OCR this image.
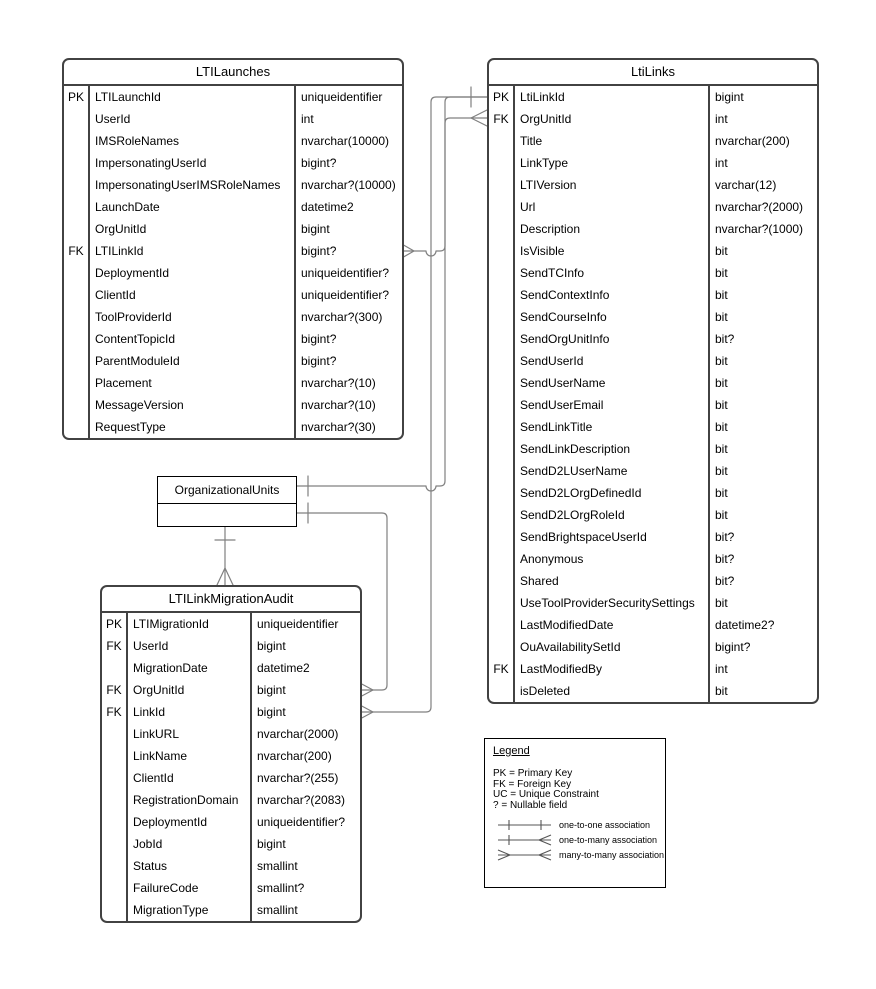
LTILaunches
PK LTILaunchId	uniqueidentifier
UserId	int
IMSRoleNames	nvarchar(10000)
ImpersonatingUserId	bigint?
ImpersonatingUserIMSRoleNames	nvarchar?(10000)
LaunchDate	datetime2
OrgUnitId	bigint
FK LTILinkId	bigint?
DeploymentId	uniqueidentifier?
ClientId	uniqueidentifier?
ToolProviderId	nvarchar?(300)
ContentTopicId	bigint?
ParentModuleId	bigint?
Placement	nvarchar?(10)
MessageVersion	nvarchar?(10)
RequestType	nvarchar?(30)
LtiLinks
PK LtiLinkId	bigint
FK OrgUnitId	int
Title	nvarchar(200)
LinkType	int
LTIVersion	varchar(12)
Url	nvarchar?(2000)
Description	nvarchar?(1000)
IsVisible	bit
SendTCInfo	bit
SendContextInfo	bit
SendCourseInfo	bit
SendOrgUnitInfo	bit?
SendUserId	bit
SendUserName	bit
SendUserEmail	bit
SendLinkTitle	bit
SendLinkDescription	bit
SendD2LUserName	bit
SendD2LOrgDefinedId	bit
SendD2LOrgRoleId	bit
SendBrightspaceUserId	bit?
Anonymous	bit?
Shared	bit?
UseToolProviderSecuritySettings	bit
LastModifiedDate	datetime2?
OuAvailabilitySetId	bigint?
FK LastModifiedBy	int
isDeleted	bit
LTILinkMigrationAudit
PK LTIMigrationId	uniqueidentifier
FK UserId	bigint
MigrationDate	datetime2
FK OrgUnitId	bigint
FK LinkId	bigint
LinkURL	nvarchar(2000)
LinkName	nvarchar(200)
ClientId	nvarchar?(255)
RegistrationDomain	nvarchar?(2083)
DeploymentId	uniqueidentifier?
JobId	bigint
Status	smallint
FailureCode	smallint?
MigrationType	smallint
OrganizationalUnits
Legend
PK = Primary Key
FK = Foreign Key
UC = Unique Constraint
? = Nullable field
one-to-one association
one-to-many association
many-to-many association
